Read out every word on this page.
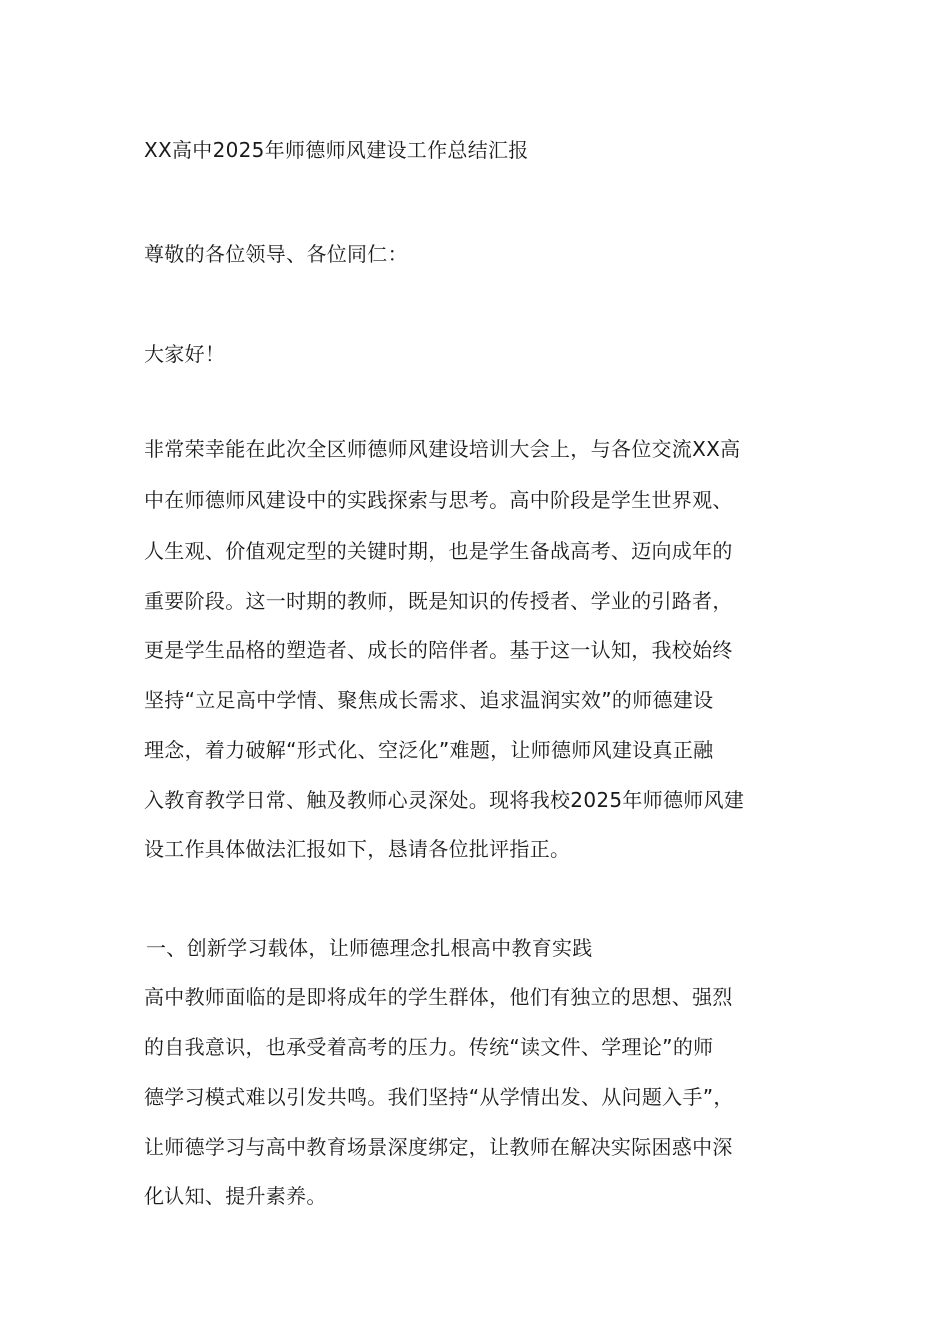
XX高中2025年师德师风建设工作总结汇报
尊敬的各位领导、各位同仁：
大家好！
非常荣幸能在此次全区师德师风建设培训大会上，与各位交流XX高
中在师德师风建设中的实践探索与思考。高中阶段是学生世界观、
人生观、价值观定型的关键时期，也是学生备战高考、迈向成年的
重要阶段。这一时期的教师，既是知识的传授者、学业的引路者，
更是学生品格的塑造者、成长的陪伴者。基于这一认知，我校始终
坚持“立足高中学情、聚焦成长需求、追求温润实效”的师德建设
理念，着力破解“形式化、空泛化”难题，让师德师风建设真正融
入教育教学日常、触及教师心灵深处。现将我校2025年师德师风建
设工作具体做法汇报如下，恳请各位批评指正。
一、创新学习载体，让师德理念扎根高中教育实践
高中教师面临的是即将成年的学生群体，他们有独立的思想、强烈
的自我意识，也承受着高考的压力。传统“读文件、学理论”的师
德学习模式难以引发共鸣。我们坚持“从学情出发、从问题入手”，
让师德学习与高中教育场景深度绑定，让教师在解决实际困惑中深
化认知、提升素养。
